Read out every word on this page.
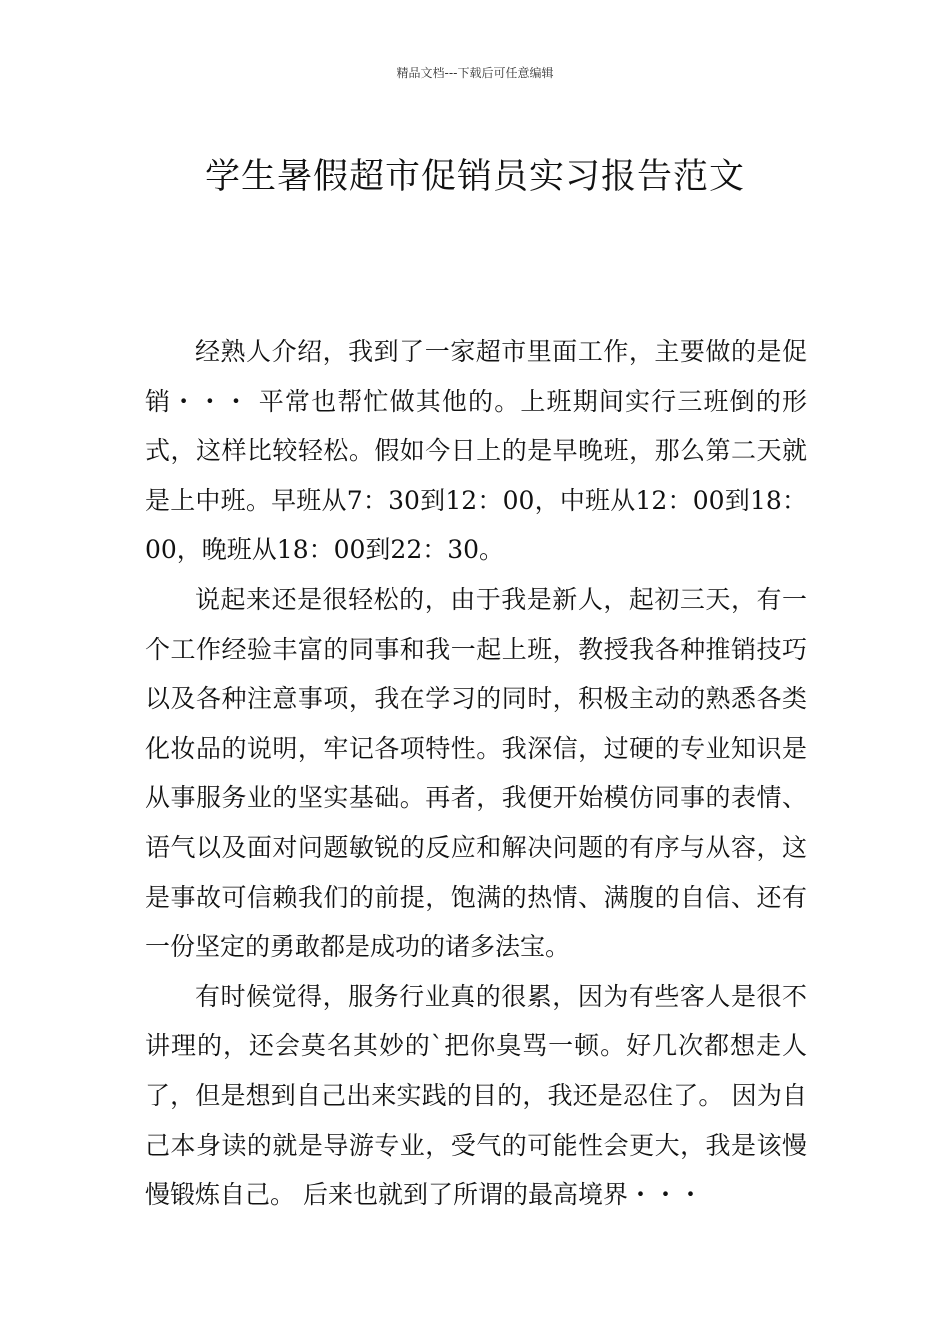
精品文档---下载后可任意编辑
学生暑假超市促销员实习报告范文

经熟人介绍，我到了一家超市里面工作，主要做的是促销・・・ 平常也帮忙做其他的。上班期间实行三班倒的形式，这样比较轻松。假如今日上的是早晚班，那么第二天就是上中班。早班从7：30到12：00，中班从12：00到18：00，晚班从18：00到22：30。

说起来还是很轻松的，由于我是新人，起初三天，有一个工作经验丰富的同事和我一起上班，教授我各种推销技巧以及各种注意事项，我在学习的同时，积极主动的熟悉各类化妆品的说明，牢记各项特性。我深信，过硬的专业知识是从事服务业的坚实基础。再者，我便开始模仿同事的表情、语气以及面对问题敏锐的反应和解决问题的有序与从容，这是事故可信赖我们的前提，饱满的热情、满腹的自信、还有一份坚定的勇敢都是成功的诸多法宝。

有时候觉得，服务行业真的很累，因为有些客人是很不讲理的，还会莫名其妙的`把你臭骂一顿。好几次都想走人了，但是想到自己出来实践的目的，我还是忍住了。 因为自己本身读的就是导游专业，受气的可能性会更大，我是该慢慢锻炼自己。 后来也就到了所谓的最高境界・・・
